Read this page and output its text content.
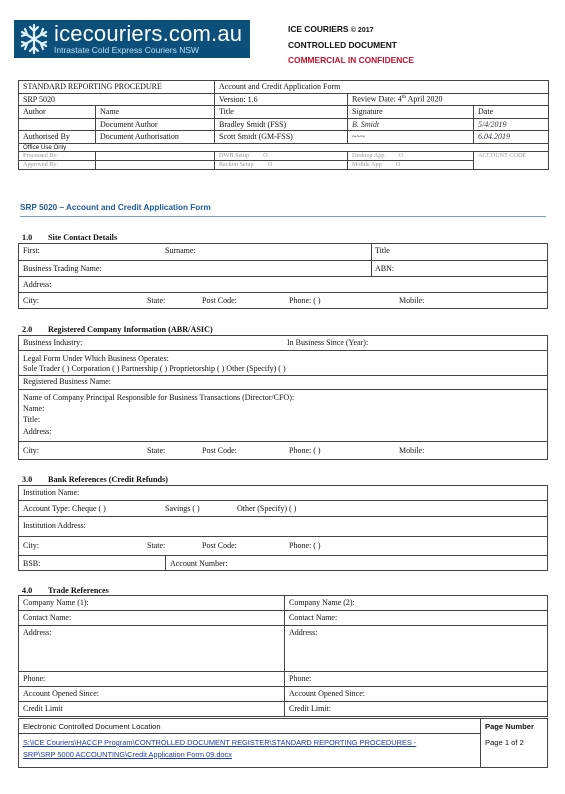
icecouriers.com.au
Intrastate Cold Express Couriers NSW
ICE COURIERS © 2017
CONTROLLED DOCUMENT
COMMERCIAL IN CONFIDENCE
STANDARD REPORTING PROCEDURE		Account and Credit Application Form		
SRP 5020		Version: 1.6	Review Date: 4th April 2020	
Author	Name	Title	Signature	Date
	Document Author	Bradley Smidt (FSS)	B. Smidt	5/4/2019
Authorised By	Document Authorisation	Scott Smidt (GM-FSS)	~~~	6.04.2019
Office Use Only				
Processed By:		DWB Setup O	Desktop App O	ACCOUNT CODE
Approved By:		Reckon Setup O	Mobile App O	
SRP 5020 – Account and Credit Application Form
1.0 Site Contact Details
First:	Surname:	Title
Business Trading Name:	ABN:
Address:
City:	State:	Post Code:	Phone: ( )	Mobile:
2.0 Registered Company Information (ABR/ASIC)
Business Industry:	In Business Since (Year):
Legal Form Under Which Business Operates:
Sole Trader ( ) Corporation ( ) Partnership ( ) Proprietorship ( ) Other (Specify) ( )
Registered Business Name:
Name of Company Principal Responsible for Business Transactions (Director/CFO):
Name:
Title:
Address:
City:	State:	Post Code:	Phone: ( )	Mobile:
3.0 Bank References (Credit Refunds)
Institution Name:
Account Type: Cheque ( )	Savings ( )	Other (Specify) ( )
Institution Address:
City:	State:	Post Code:	Phone: ( )
BSB:	Account Number:
4.0 Trade References
Company Name (1):	Company Name (2):
Contact Name:	Contact Name:
Address:	Address:
Phone:	Phone:
Account Opened Since:	Account Opened Since:
Credit Limit	Credit Limit:
Electronic Controlled Document Location	Page Number
Page 1 of 2
S:\ICE Couriers\HACCP Program\CONTROLLED DOCUMENT REGISTER\STANDARD REPORTING PROCEDURES -
SRP\SRP 5000 ACCOUNTING\Credit Application Form 09.docx
